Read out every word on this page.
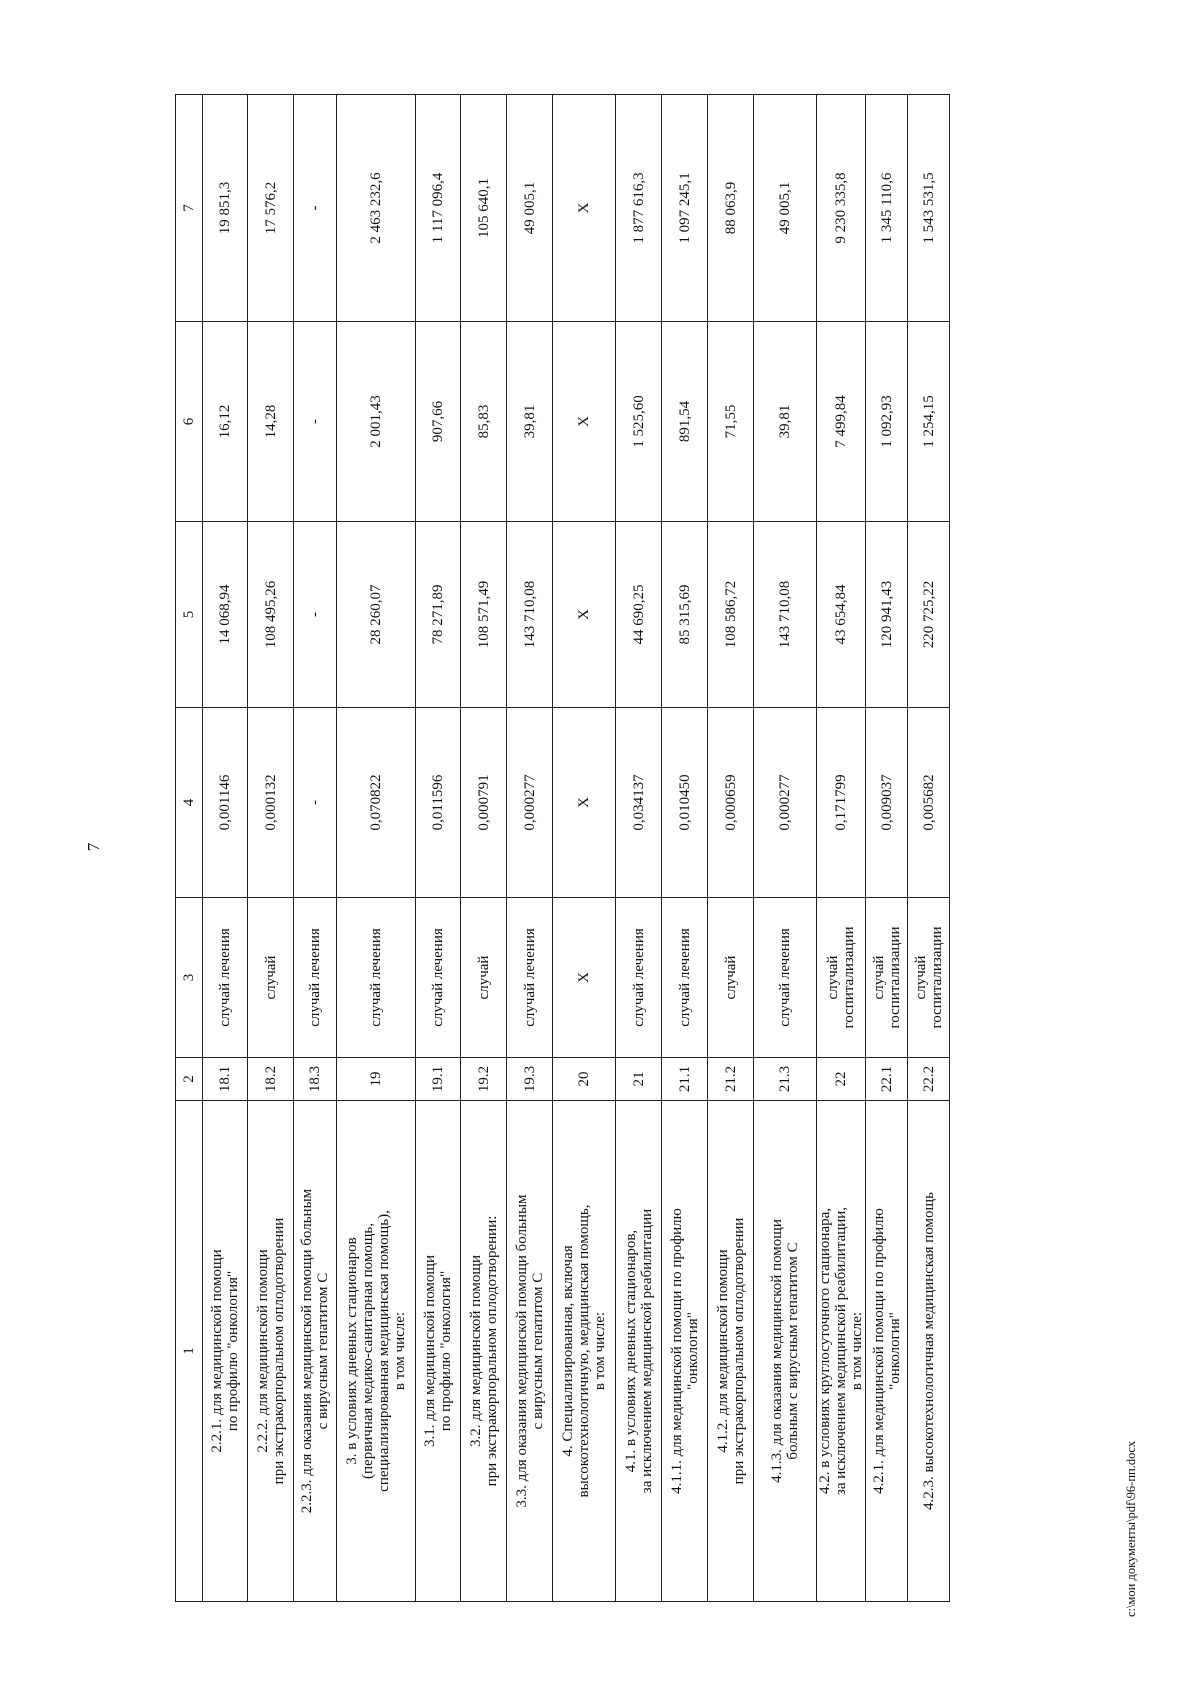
7
1	2	3	4	5	6	7

2.2.1. для медицинской помощи по профилю "онкология"	18.1	случай лечения	0,001146	14 068,94	16,12	19 851,3

2.2.2. для медицинской помощи при экстракорпоральном оплодотворении	18.2	случай	0,000132	108 495,26	14,28	17 576,2

2.2.3. для оказания медицинской помощи больным с вирусным гепатитом С	18.3	случай лечения	-	-	-	-

3. в условиях дневных стационаров (первичная медико-санитарная помощь, специализированная медицинская помощь), в том числе:	19	случай лечения	0,070822	28 260,07	2 001,43	2 463 232,6

3.1. для медицинской помощи по профилю "онкология"	19.1	случай лечения	0,011596	78 271,89	907,66	1 117 096,4

3.2. для медицинской помощи при экстракорпоральном оплодотворении:	19.2	случай	0,000791	108 571,49	85,83	105 640,1

3.3. для оказания медицинской помощи больным с вирусным гепатитом С	19.3	случай лечения	0,000277	143 710,08	39,81	49 005,1

4. Специализированная, включая высокотехнологичную, медицинская помощь, в том числе:	20	Х	Х	Х	Х	Х

4.1. в условиях дневных стационаров, за исключением медицинской реабилитации	21	случай лечения	0,034137	44 690,25	1 525,60	1 877 616,3

4.1.1. для медицинской помощи по профилю "онкология"	21.1	случай лечения	0,010450	85 315,69	891,54	1 097 245,1

4.1.2. для медицинской помощи при экстракорпоральном оплодотворении	21.2	случай	0,000659	108 586,72	71,55	88 063,9

4.1.3. для оказания медицинской помощи больным с вирусным гепатитом С	21.3	случай лечения	0,000277	143 710,08	39,81	49 005,1

4.2. в условиях круглосуточного стационара, за исключением медицинской реабилитации, в том числе:	22	случай госпитализации	0,171799	43 654,84	7 499,84	9 230 335,8

4.2.1. для медицинской помощи по профилю "онкология"	22.1	случай госпитализации	0,009037	120 941,43	1 092,93	1 345 110,6

4.2.3. высокотехнологичная медицинская помощь	22.2	случай госпитализации	0,005682	220 725,22	1 254,15	1 543 531,5
c:\мои документы\pdf\96-пп.docx
